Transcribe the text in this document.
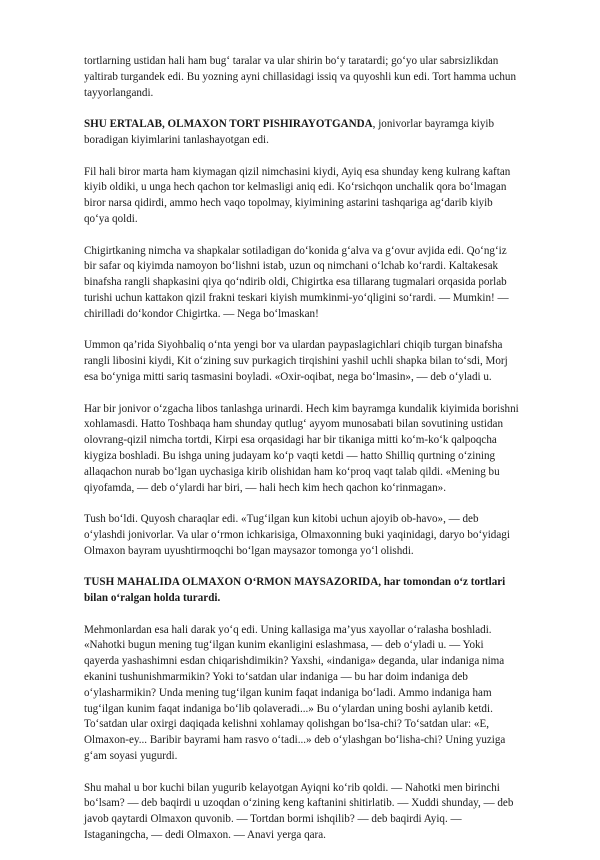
tortlarning ustidan hali ham bug‘ taralar va ular shirin bo‘y taratardi; go‘yo ular sabrsizlikdan yaltirab turgandek edi. Bu yozning ayni chillasidagi issiq va quyoshli kun edi. Tort hamma uchun tayyorlangandi.

SHU ERTALAB, OLMAXON TORT PISHIRAYOTGANDA, jonivorlar bayramga kiyib boradigan kiyimlarini tanlashayotgan edi.

Fil hali biror marta ham kiymagan qizil nimchasini kiydi, Ayiq esa shunday keng kulrang kaftan kiyib oldiki, u unga hech qachon tor kelmasligi aniq edi. Ko‘rsichqon unchalik qora bo‘lmagan biror narsa qidirdi, ammo hech vaqo topolmay, kiyimining astarini tashqariga ag‘darib kiyib qo‘ya qoldi.

Chigirtkaning nimcha va shapkalar sotiladigan do‘konida g‘alva va g‘ovur avjida edi. Qo‘ng‘iz bir safar oq kiyimda namoyon bo‘lishni istab, uzun oq nimchani o‘lchab ko‘rardi. Kaltakesak binafsha rangli shapkasini qiya qo‘ndirib oldi, Chigirtka esa tillarang tugmalari orqasida porlab turishi uchun kattakon qizil frakni teskari kiyish mumkinmi-yo‘qligini so‘rardi. — Mumkin! — chirilladi do‘kondor Chigirtka. — Nega bo‘lmaskan!

Ummon qa’rida Siyohbaliq o‘nta yengi bor va ulardan paypaslagichlari chiqib turgan binafsha rangli libosini kiydi, Kit o‘zining suv purkagich tirqishini yashil uchli shapka bilan to‘sdi, Morj esa bo‘yniga mitti sariq tasmasini boyladi. «Oxir-oqibat, nega bo‘lmasin», — deb o‘yladi u.

Har bir jonivor o‘zgacha libos tanlashga urinardi. Hech kim bayramga kundalik kiyimida borishni xohlamasdi. Hatto Toshbaqa ham shunday qutlug‘ ayyom munosabati bilan sovutining ustidan olovrang-qizil nimcha tortdi, Kirpi esa orqasidagi har bir tikaniga mitti ko‘m-ko‘k qalpoqcha kiygiza boshladi. Bu ishga uning judayam ko‘p vaqti ketdi — hatto Shilliq qurtning o‘zining allaqachon nurab bo‘lgan uychasiga kirib olishidan ham ko‘proq vaqt talab qildi. «Mening bu qiyofamda, — deb o‘ylardi har biri, — hali hech kim hech qachon ko‘rinmagan».

Tush bo‘ldi. Quyosh charaqlar edi. «Tug‘ilgan kun kitobi uchun ajoyib ob-havo», — deb o‘ylashdi jonivorlar. Va ular o‘rmon ichkarisiga, Olmaxonning buki yaqinidagi, daryo bo‘yidagi Olmaxon bayram uyushtirmoqchi bo‘lgan maysazor tomonga yo‘l olishdi.

TUSH MAHALIDA OLMAXON O‘RMON MAYSAZORIDA, har tomondan o‘z tortlari bilan o‘ralgan holda turardi.

Mehmonlardan esa hali darak yo‘q edi. Uning kallasiga ma’yus xayollar o‘ralasha boshladi. «Nahotki bugun mening tug‘ilgan kunim ekanligini eslashmasa, — deb o‘yladi u. — Yoki qayerda yashashimni esdan chiqarishdimikin? Yaxshi, «indaniga» deganda, ular indaniga nima ekanini tushunishmarmikin? Yoki to‘satdan ular indaniga — bu har doim indaniga deb o‘ylasharmikin? Unda mening tug‘ilgan kunim faqat indaniga bo‘ladi. Ammo indaniga ham tug‘ilgan kunim faqat indaniga bo‘lib qolaveradi...» Bu o‘ylardan uning boshi aylanib ketdi. To‘satdan ular oxirgi daqiqada kelishni xohlamay qolishgan bo‘lsa-chi? To‘satdan ular: «E, Olmaxon-ey... Baribir bayrami ham rasvo o‘tadi...» deb o‘ylashgan bo‘lisha-chi? Uning yuziga g‘am soyasi yugurdi.

Shu mahal u bor kuchi bilan yugurib kelayotgan Ayiqni ko‘rib qoldi. — Nahotki men birinchi bo‘lsam? — deb baqirdi u uzoqdan o‘zining keng kaftanini shitirlatib. — Xuddi shunday, — deb javob qaytardi Olmaxon quvonib. — Tortdan bormi ishqilib? — deb baqirdi Ayiq. — Istaganingcha, — dedi Olmaxon. — Anavi yerga qara.
